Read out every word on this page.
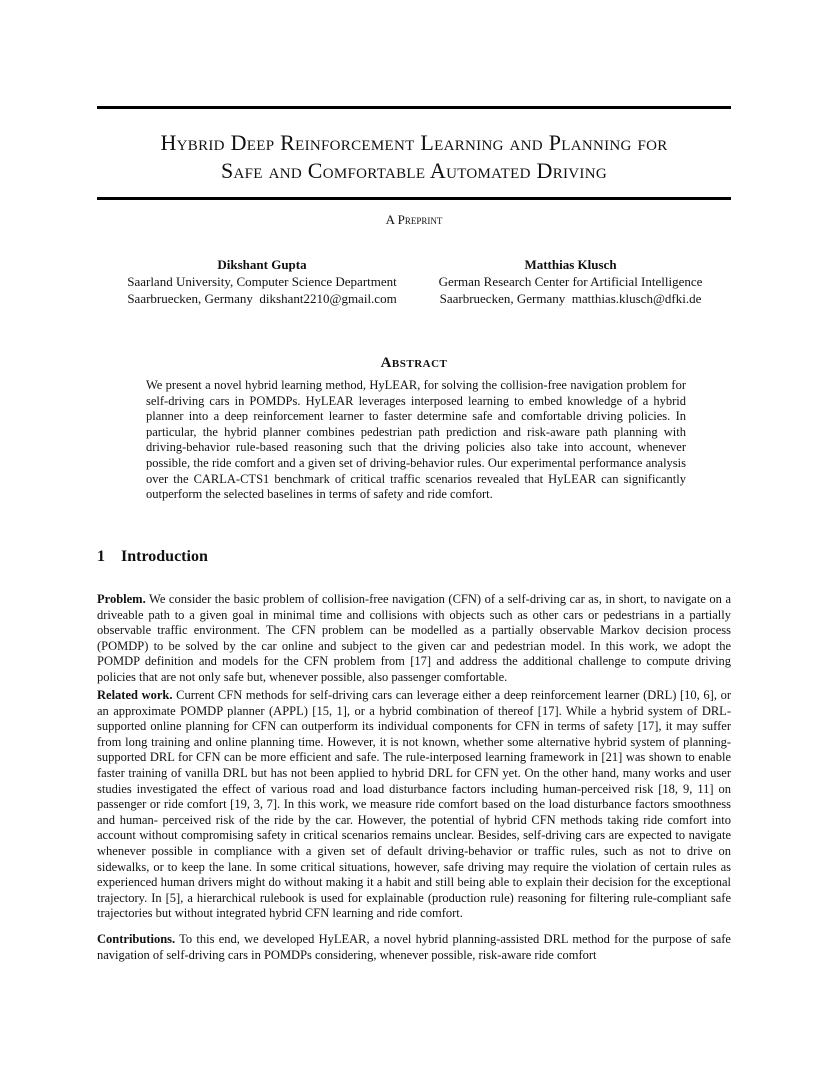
Hybrid Deep Reinforcement Learning and Planning for
Safe and Comfortable Automated Driving
A Preprint
Dikshant Gupta
Saarland University, Computer Science Department
Saarbruecken, Germany  dikshant2210@gmail.com
Matthias Klusch
German Research Center for Artificial Intelligence
Saarbruecken, Germany  matthias.klusch@dfki.de
Abstract
We present a novel hybrid learning method, HyLEAR, for solving the collision-free navigation problem for self-driving cars in POMDPs. HyLEAR leverages interposed learning to embed knowledge of a hybrid planner into a deep reinforcement learner to faster determine safe and comfortable driving policies. In particular, the hybrid planner combines pedestrian path prediction and risk-aware path planning with driving-behavior rule-based reasoning such that the driving policies also take into account, whenever possible, the ride comfort and a given set of driving-behavior rules. Our experimental performance analysis over the CARLA-CTS1 benchmark of critical traffic scenarios revealed that HyLEAR can significantly outperform the selected baselines in terms of safety and ride comfort.
1 Introduction

Problem. We consider the basic problem of collision-free navigation (CFN) of a self-driving car as, in short, to navigate on a driveable path to a given goal in minimal time and collisions with objects such as other cars or pedestrians in a partially observable traffic environment. The CFN problem can be modelled as a partially observable Markov decision process (POMDP) to be solved by the car online and subject to the given car and pedestrian model. In this work, we adopt the POMDP definition and models for the CFN problem from [17] and address the additional challenge to compute driving policies that are not only safe but, whenever possible, also passenger comfortable.

Related work. Current CFN methods for self-driving cars can leverage either a deep reinforcement learner (DRL) [10, 6], or an approximate POMDP planner (APPL) [15, 1], or a hybrid combination of thereof [17]. While a hybrid system of DRL-supported online planning for CFN can outperform its individual components for CFN in terms of safety [17], it may suffer from long training and online planning time. However, it is not known, whether some alternative hybrid system of planning-supported DRL for CFN can be more efficient and safe. The rule-interposed learning framework in [21] was shown to enable faster training of vanilla DRL but has not been applied to hybrid DRL for CFN yet. On the other hand, many works and user studies investigated the effect of various road and load disturbance factors including human-perceived risk [18, 9, 11] on passenger or ride comfort [19, 3, 7]. In this work, we measure ride comfort based on the load disturbance factors smoothness and human- perceived risk of the ride by the car. However, the potential of hybrid CFN methods taking ride comfort into account without compromising safety in critical scenarios remains unclear. Besides, self-driving cars are expected to navigate whenever possible in compliance with a given set of default driving-behavior or traffic rules, such as not to drive on sidewalks, or to keep the lane. In some critical situations, however, safe driving may require the violation of certain rules as experienced human drivers might do without making it a habit and still being able to explain their decision for the exceptional trajectory. In [5], a hierarchical rulebook is used for explainable (production rule) reasoning for filtering rule-compliant safe trajectories but without integrated hybrid CFN learning and ride comfort.

Contributions. To this end, we developed HyLEAR, a novel hybrid planning-assisted DRL method for the purpose of safe navigation of self-driving cars in POMDPs considering, whenever possible, risk-aware ride comfort
